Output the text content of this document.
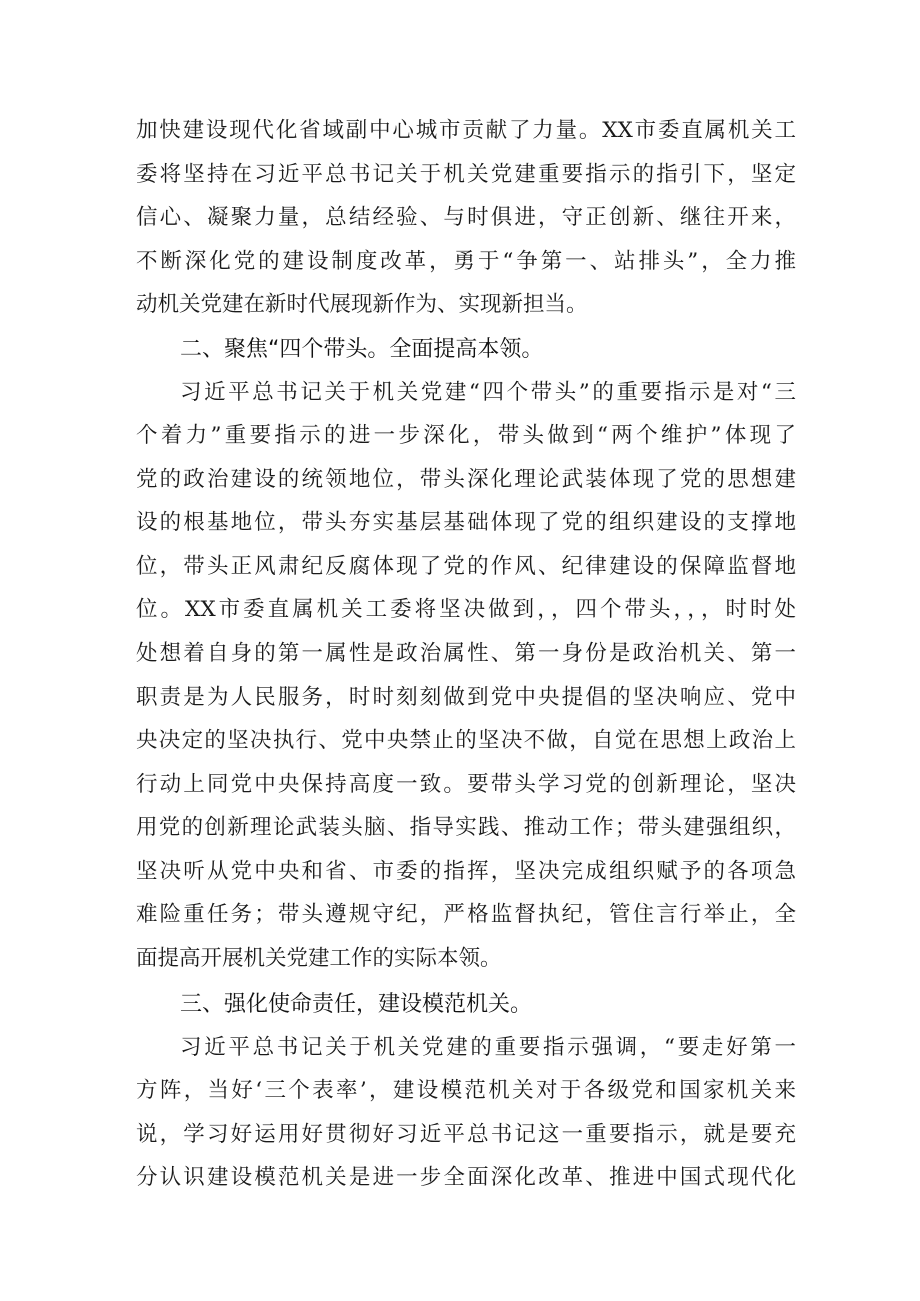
加快建设现代化省域副中心城市贡献了力量。XX市委直属机关工
委将坚持在习近平总书记关于机关党建重要指示的指引下，坚定
信心、凝聚力量，总结经验、与时俱进，守正创新、继往开来，
不断深化党的建设制度改革，勇于“争第一、站排头”，全力推
动机关党建在新时代展现新作为、实现新担当。
二、聚焦“四个带头。全面提高本领。
习近平总书记关于机关党建“四个带头”的重要指示是对“三
个着力”重要指示的进一步深化，带头做到“两个维护”体现了
党的政治建设的统领地位，带头深化理论武装体现了党的思想建
设的根基地位，带头夯实基层基础体现了党的组织建设的支撑地
位，带头正风肃纪反腐体现了党的作风、纪律建设的保障监督地
位。XX市委直属机关工委将坚决做到，，四个带头，，，时时处
处想着自身的第一属性是政治属性、第一身份是政治机关、第一
职责是为人民服务，时时刻刻做到党中央提倡的坚决响应、党中
央决定的坚决执行、党中央禁止的坚决不做，自觉在思想上政治上
行动上同党中央保持高度一致。要带头学习党的创新理论，坚决
用党的创新理论武装头脑、指导实践、推动工作；带头建强组织，
坚决听从党中央和省、市委的指挥，坚决完成组织赋予的各项急
难险重任务；带头遵规守纪，严格监督执纪，管住言行举止，全
面提高开展机关党建工作的实际本领。
三、强化使命责任，建设模范机关。
习近平总书记关于机关党建的重要指示强调，“要走好第一
方阵，当好‘三个表率’，建设模范机关对于各级党和国家机关来
说，学习好运用好贯彻好习近平总书记这一重要指示，就是要充
分认识建设模范机关是进一步全面深化改革、推进中国式现代化
